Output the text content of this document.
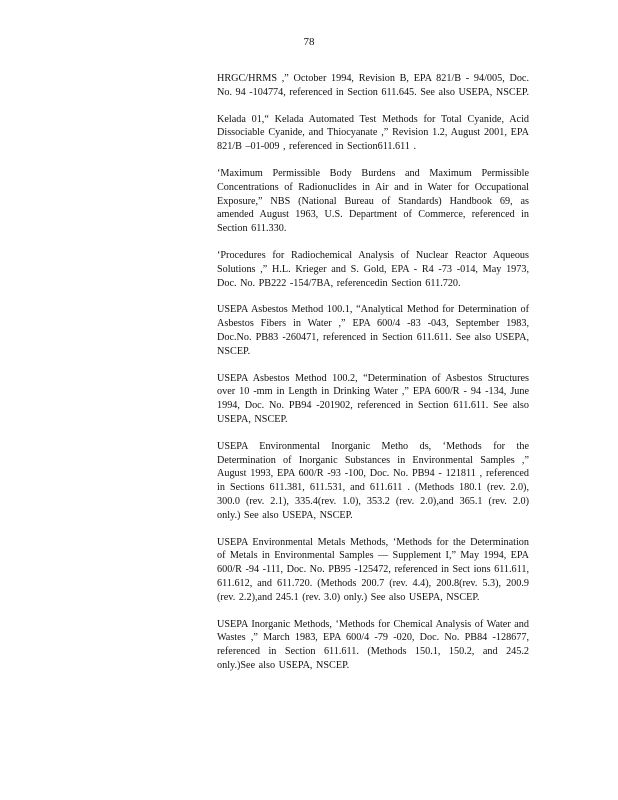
78

HRGC/HRMS ,” October 1994, Revision B, EPA 821/B - 94/005, Doc. No. 94 -104774, referenced in Section 611.645. See also USEPA, NSCEP.

Kelada 01,“ Kelada Automated Test Methods for Total Cyanide, Acid Dissociable Cyanide, and Thiocyanate ,” Revision 1.2, August 2001, EPA 821/B –01-009 , referenced in Section611.611 .

‘Maximum Permissible Body Burdens and Maximum Permissible Concentrations of Radionuclides in Air and in Water for Occupational Exposure,” NBS (National Bureau of Standards) Handbook 69, as amended August 1963, U.S. Department of Commerce, referenced in Section 611.330.

‘Procedures for Radiochemical Analysis of Nuclear Reactor Aqueous Solutions ,” H.L. Krieger and S. Gold, EPA - R4 -73 -014, May 1973, Doc. No. PB222 -154/7BA, referencedin Section 611.720.

USEPA Asbestos Method 100.1, “Analytical Method for Determination of Asbestos Fibers in Water ,” EPA 600/4 -83 -043, September 1983, Doc.No. PB83 -260471, referenced in Section 611.611. See also USEPA, NSCEP.

USEPA Asbestos Method 100.2, “Determination of Asbestos Structures over 10 -mm in Length in Drinking Water ,” EPA 600/R - 94 -134, June 1994, Doc. No. PB94 -201902, referenced in Section 611.611. See also USEPA, NSCEP.

USEPA Environmental Inorganic Metho ds, ‘Methods for the Determination of Inorganic Substances in Environmental Samples ,” August 1993, EPA 600/R -93 -100, Doc. No. PB94 - 121811 , referenced in Sections 611.381, 611.531, and 611.611 . (Methods 180.1 (rev. 2.0), 300.0 (rev. 2.1), 335.4(rev. 1.0), 353.2 (rev. 2.0),and 365.1 (rev. 2.0) only.) See also USEPA, NSCEP.

USEPA Environmental Metals Methods, ‘Methods for the Determination of Metals in Environmental Samples — Supplement I,” May 1994, EPA 600/R -94 -111, Doc. No. PB95 -125472, referenced in Sect ions 611.611, 611.612, and 611.720. (Methods 200.7 (rev. 4.4), 200.8(rev. 5.3), 200.9 (rev. 2.2),and 245.1 (rev. 3.0) only.) See also USEPA, NSCEP.

USEPA Inorganic Methods, ‘Methods for Chemical Analysis of Water and Wastes ,” March 1983, EPA 600/4 -79 -020, Doc. No. PB84 -128677, referenced in Section 611.611. (Methods 150.1, 150.2, and 245.2 only.)See also USEPA, NSCEP.
